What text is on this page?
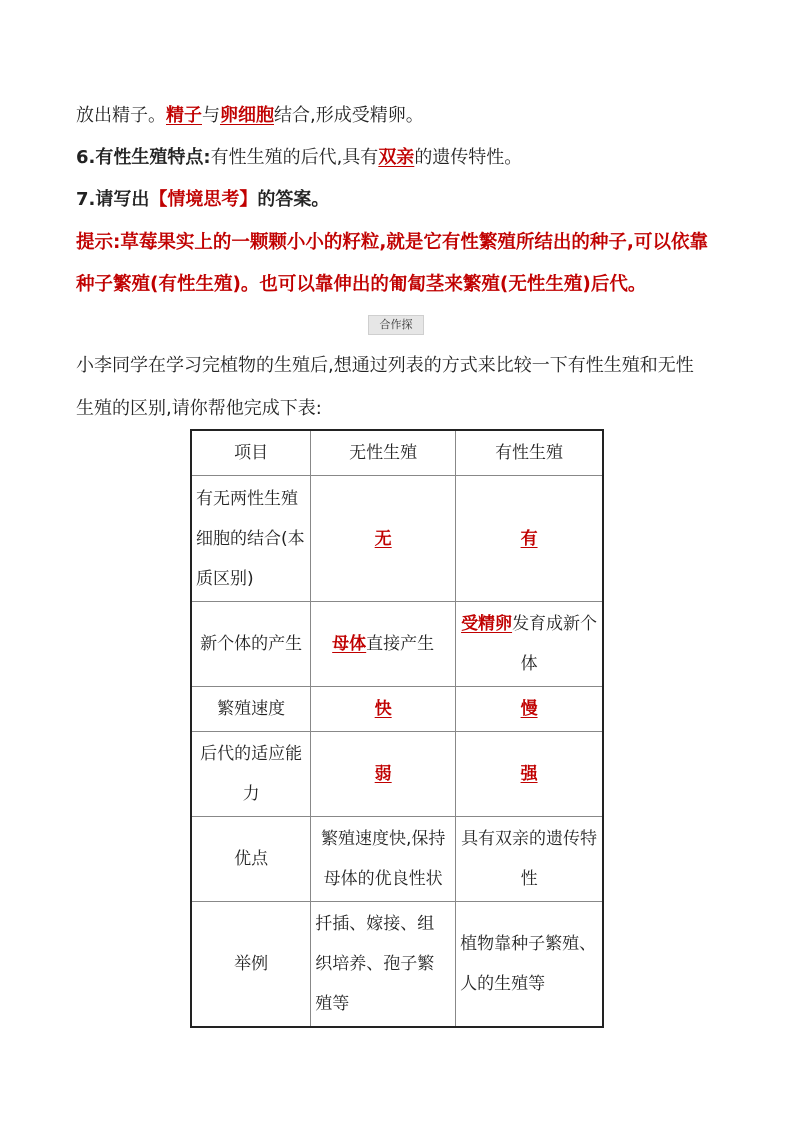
放出精子。精子与卵细胞结合,形成受精卵。
6.有性生殖特点:有性生殖的后代,具有双亲的遗传特性。
7.请写出【情境思考】的答案。
提示:草莓果实上的一颗颗小小的籽粒,就是它有性繁殖所结出的种子,可以依靠
种子繁殖(有性生殖)。也可以靠伸出的匍匐茎来繁殖(无性生殖)后代。
合作探
小李同学在学习完植物的生殖后,想通过列表的方式来比较一下有性生殖和无性
生殖的区别,请你帮他完成下表:
项目	无性生殖	有性生殖
有无两性生殖细胞的结合(本质区别)	无	有
新个体的产生	母体直接产生	受精卵发育成新个体
繁殖速度	快	慢
后代的适应能力	弱	强
优点	繁殖速度快,保持母体的优良性状	具有双亲的遗传特性
举例	扦插、嫁接、组织培养、孢子繁殖等	植物靠种子繁殖、人的生殖等
